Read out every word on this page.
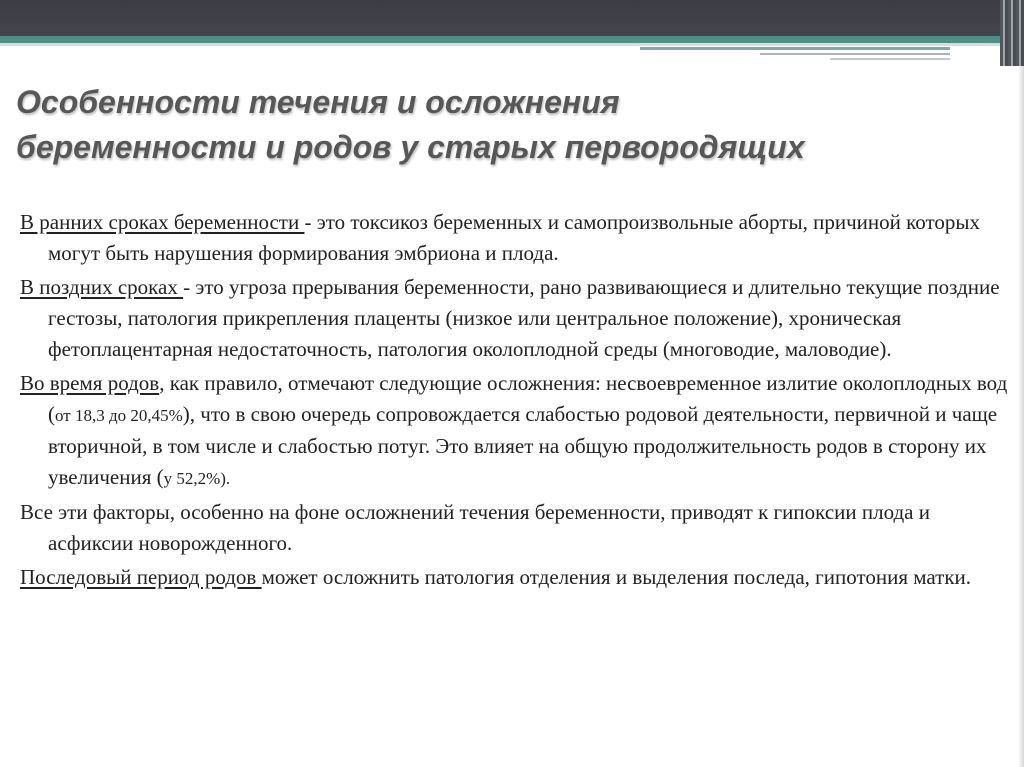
Особенности течения и осложнения
беременности и родов у старых первородящих

В ранних сроках беременности - это токсикоз беременных и самопроизвольные аборты, причиной которых могут быть нарушения формирования эмбриона и плода.

В поздних сроках - это угроза прерывания беременности, рано развивающиеся и длительно текущие поздние гестозы, патология прикрепления плаценты (низкое или центральное положение), хроническая фетоплацентарная недостаточность, патология околоплодной среды (многоводие, маловодие).

Во время родов, как правило, отмечают следующие осложнения: несвоевременное излитие околоплодных вод (от 18,3 до 20,45%), что в свою очередь сопровождается слабостью родовой деятельности, первичной и чаще вторичной, в том числе и слабостью потуг. Это влияет на общую продолжительность родов в сторону их увеличения (у 52,2%).

Все эти факторы, особенно на фоне осложнений течения беременности, приводят к гипоксии плода и асфиксии новорожденного.

Последовый период родов может осложнить патология отделения и выделения последа, гипотония матки.
